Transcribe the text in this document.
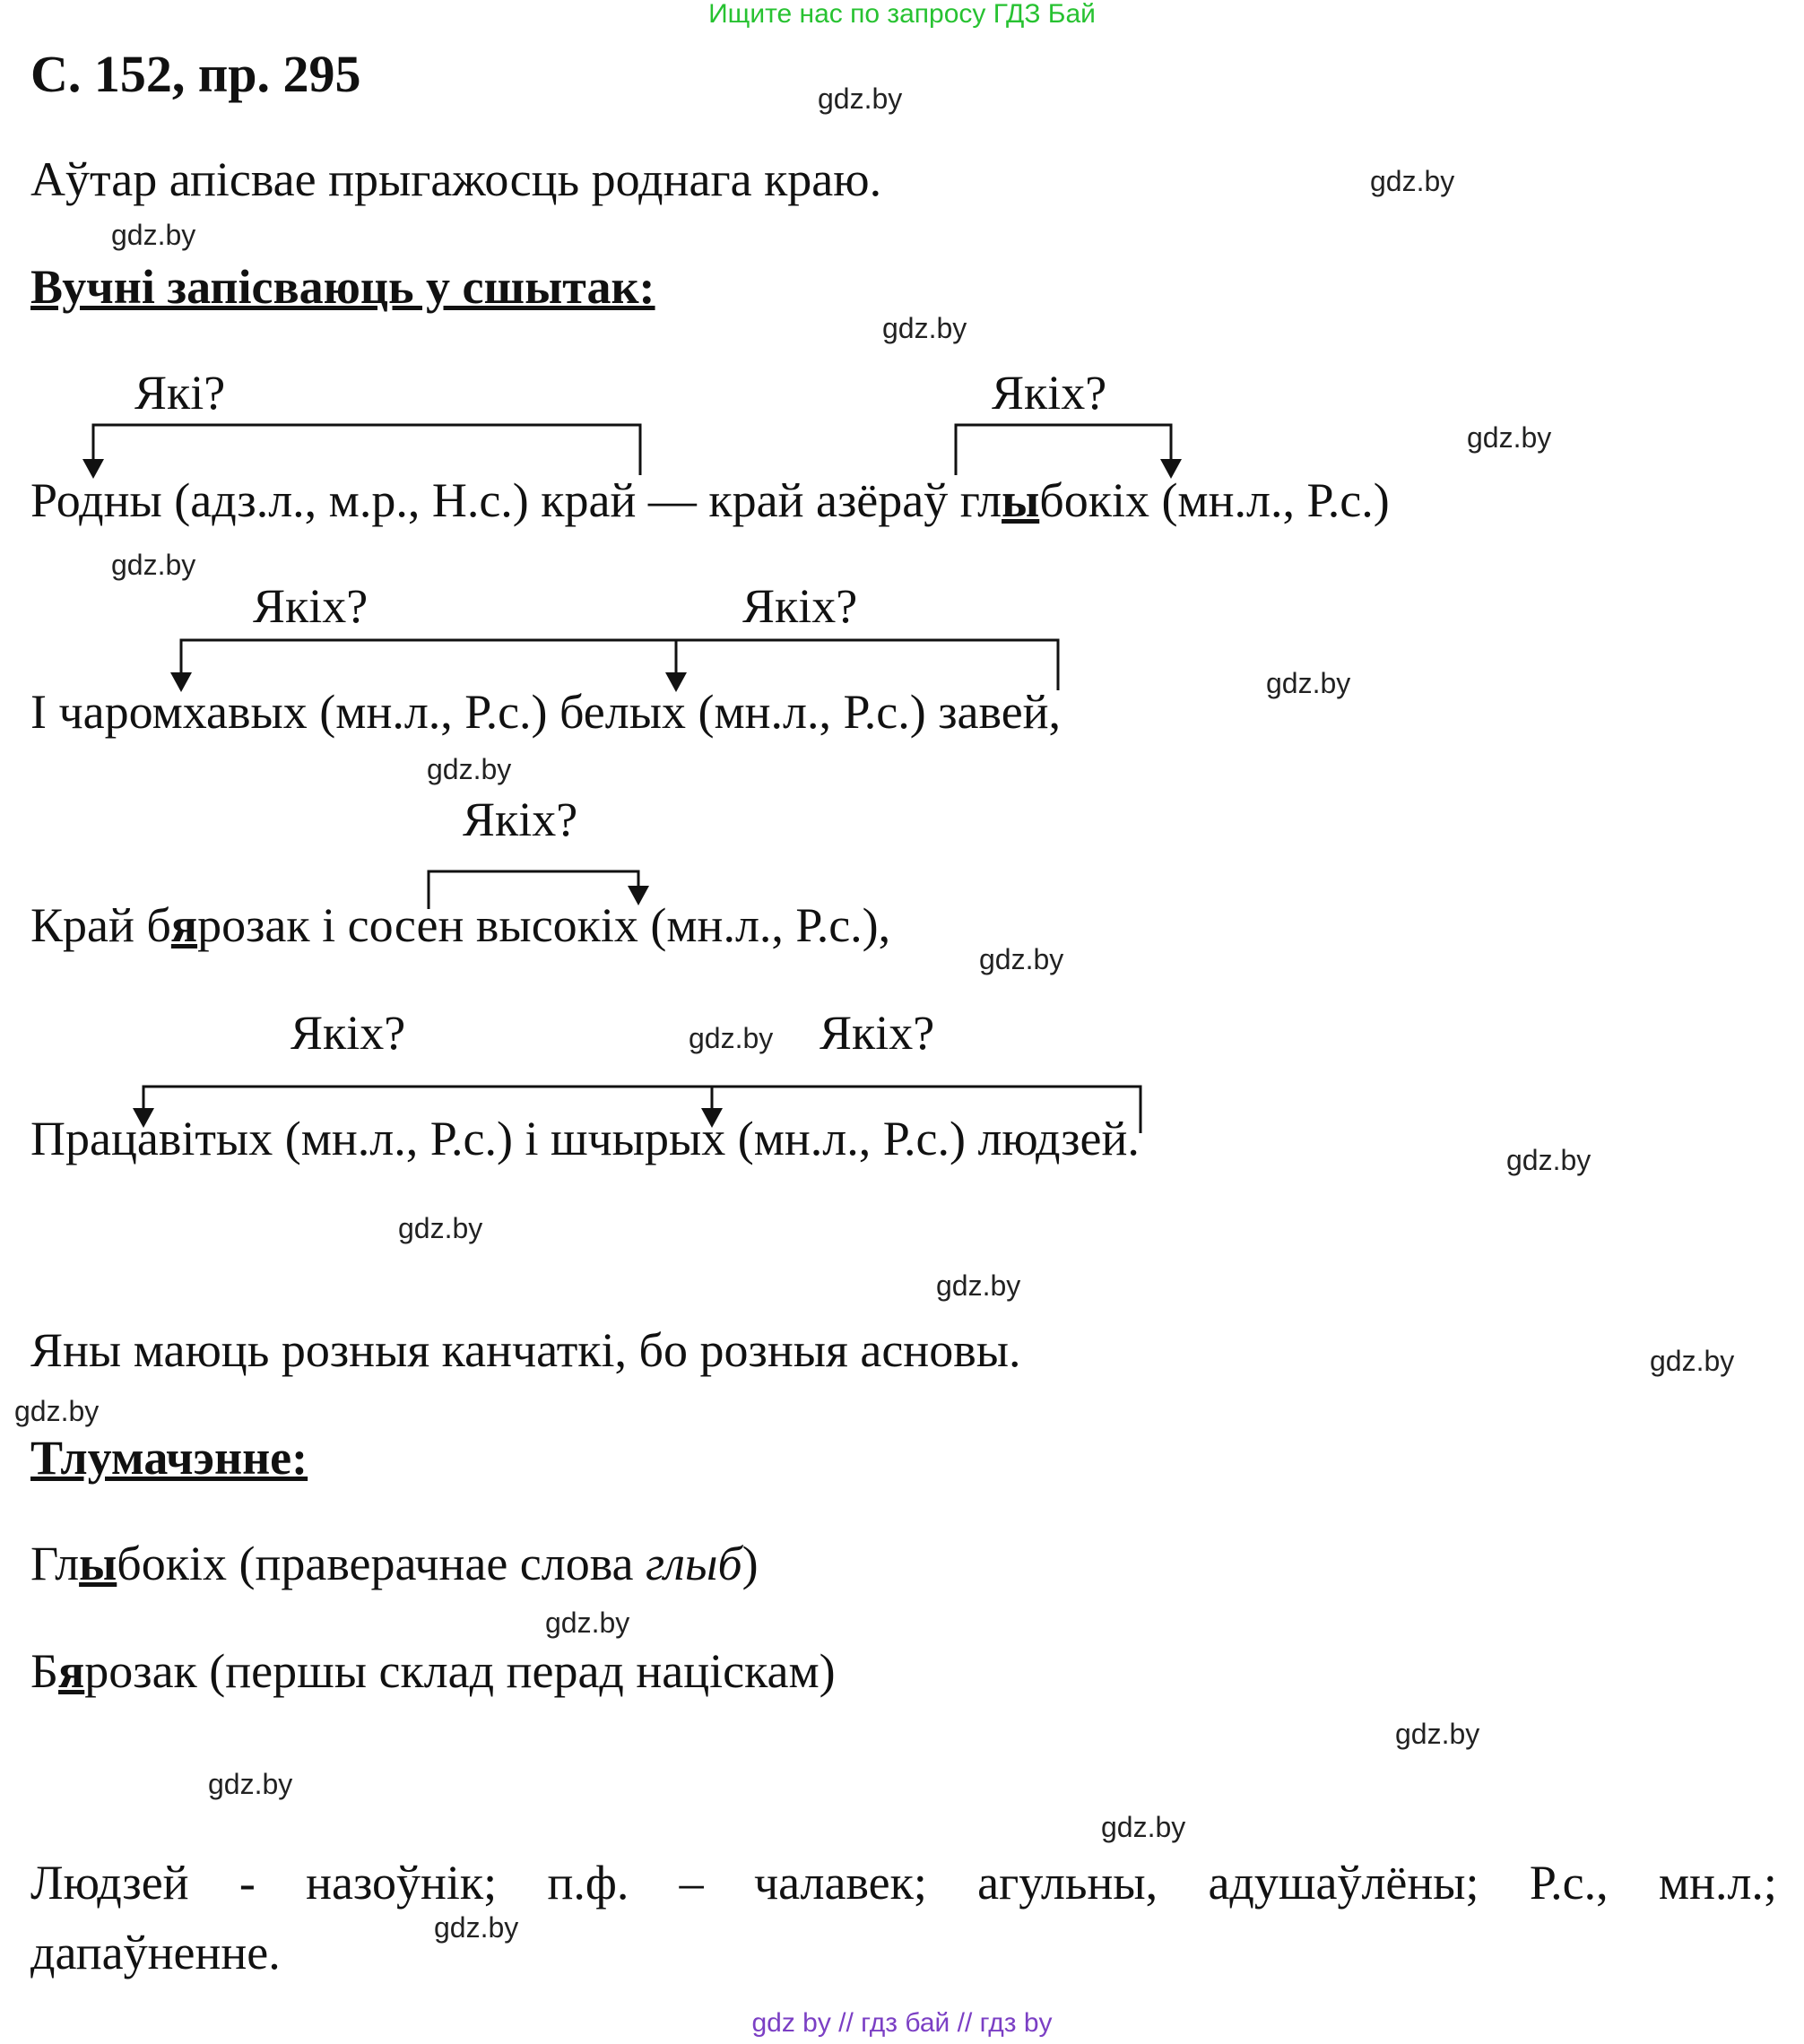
Ищите нас по запросу ГДЗ Бай
С. 152, пр. 295
Аўтар апісвае прыгажосць роднага краю.
Вучні запісваюць у сшытак:
Які?	Якіх?
Родны (адз.л., м.р., Н.с.) край — край азёраў глыбокіх (мн.л., Р.с.)
Якіх?	Якіх?
І чаромхавых (мн.л., Р.с.) белых (мн.л., Р.с.) завей,
Якіх?
Край бярозак і сосен высокіх (мн.л., Р.с.),
Якіх?	Якіх?
Працавітых (мн.л., Р.с.) і шчырых (мн.л., Р.с.) людзей.
Яны маюць розныя канчаткі, бо розныя асновы.
Тлумачэнне:
Глыбокіх (праверачнае слова глыб)
Бярозак (першы склад перад націскам)
Людзей - назоўнік; п.ф. – чалавек; агульны, адушаўлёны; Р.с., мн.л.;
дапаўненне.
gdz.by
gdz.by
gdz.by
gdz.by
gdz.by
gdz.by
gdz.by
gdz.by
gdz.by
gdz.by
gdz.by
gdz.by
gdz.by
gdz.by
gdz.by
gdz.by
gdz.by
gdz.by
gdz.by
gdz.by
gdz by // гдз бай // гдз by
